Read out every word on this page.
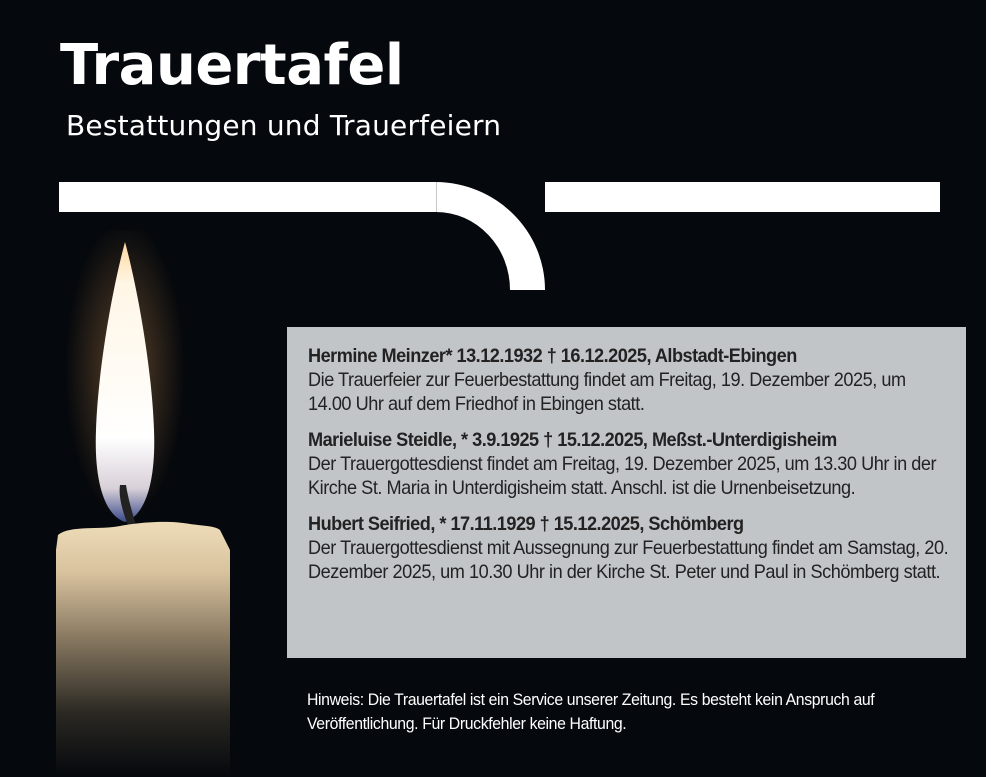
Trauertafel
Bestattungen und Trauerfeiern
Hermine Meinzer* 13.12.1932 † 16.12.2025, Albstadt-Ebingen
Die Trauerfeier zur Feuerbestattung findet am Freitag, 19. Dezember 2025, um 14.00 Uhr auf dem Friedhof in Ebingen statt.
Marieluise Steidle, * 3.9.1925 † 15.12.2025, Meßst.-Unterdigisheim
Der Trauergottesdienst findet am Freitag, 19. Dezember 2025, um 13.30 Uhr in der Kirche St. Maria in Unterdigisheim statt. Anschl. ist die Urnenbeisetzung.
Hubert Seifried, * 17.11.1929 † 15.12.2025, Schömberg
Der Trauergottesdienst mit Aussegnung zur Feuerbestattung findet am Samstag, 20. Dezember 2025, um 10.30 Uhr in der Kirche St. Peter und Paul in Schömberg statt.
Hinweis: Die Trauertafel ist ein Service unserer Zeitung. Es besteht kein Anspruch auf Veröffentlichung. Für Druckfehler keine Haftung.
